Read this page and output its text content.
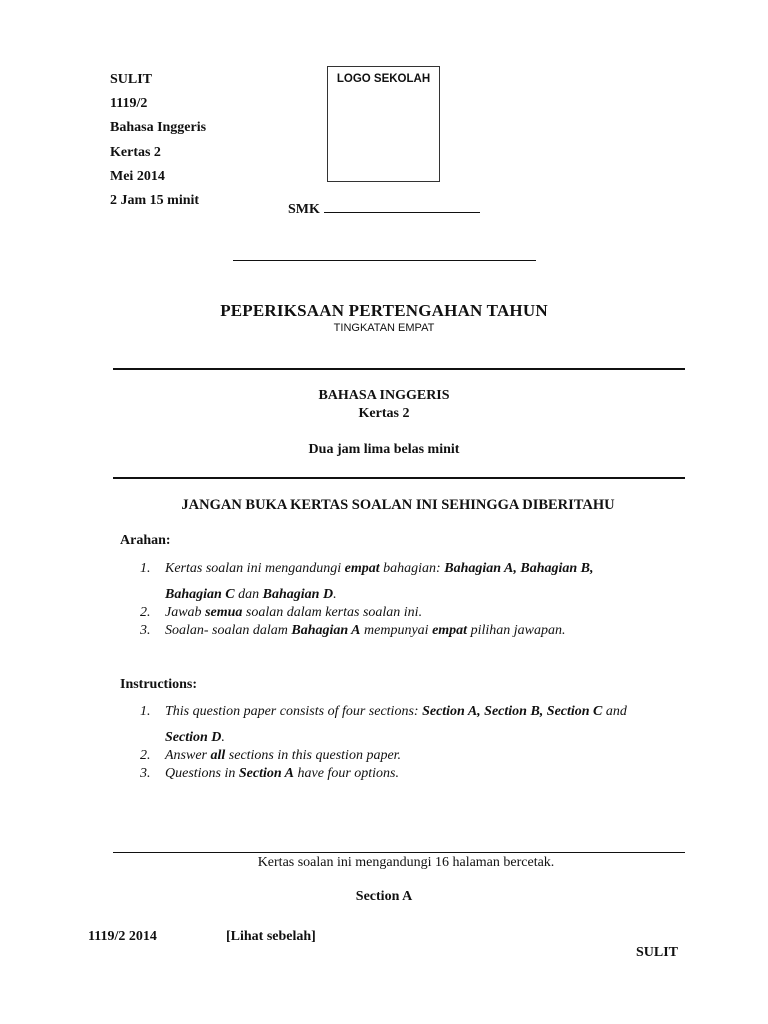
SULIT
1119/2
Bahasa Inggeris
Kertas 2
Mei 2014
2 Jam 15 minit
LOGO SEKOLAH
SMK
PEPERIKSAAN PERTENGAHAN TAHUN
TINGKATAN EMPAT
BAHASA INGGERIS
Kertas 2
Dua jam lima belas minit
JANGAN BUKA KERTAS SOALAN INI SEHINGGA DIBERITAHU
Arahan:
1. Kertas soalan ini mengandungi empat bahagian: Bahagian A, Bahagian B,
Bahagian C dan Bahagian D.
2. Jawab semua soalan dalam kertas soalan ini.
3. Soalan- soalan dalam Bahagian A mempunyai empat pilihan jawapan.
Instructions:
1. This question paper consists of four sections: Section A, Section B, Section C and
Section D.
2. Answer all sections in this question paper.
3. Questions in Section A have four options.
Kertas soalan ini mengandungi 16 halaman bercetak.
Section A
1119/2 2014	[Lihat sebelah]
SULIT
